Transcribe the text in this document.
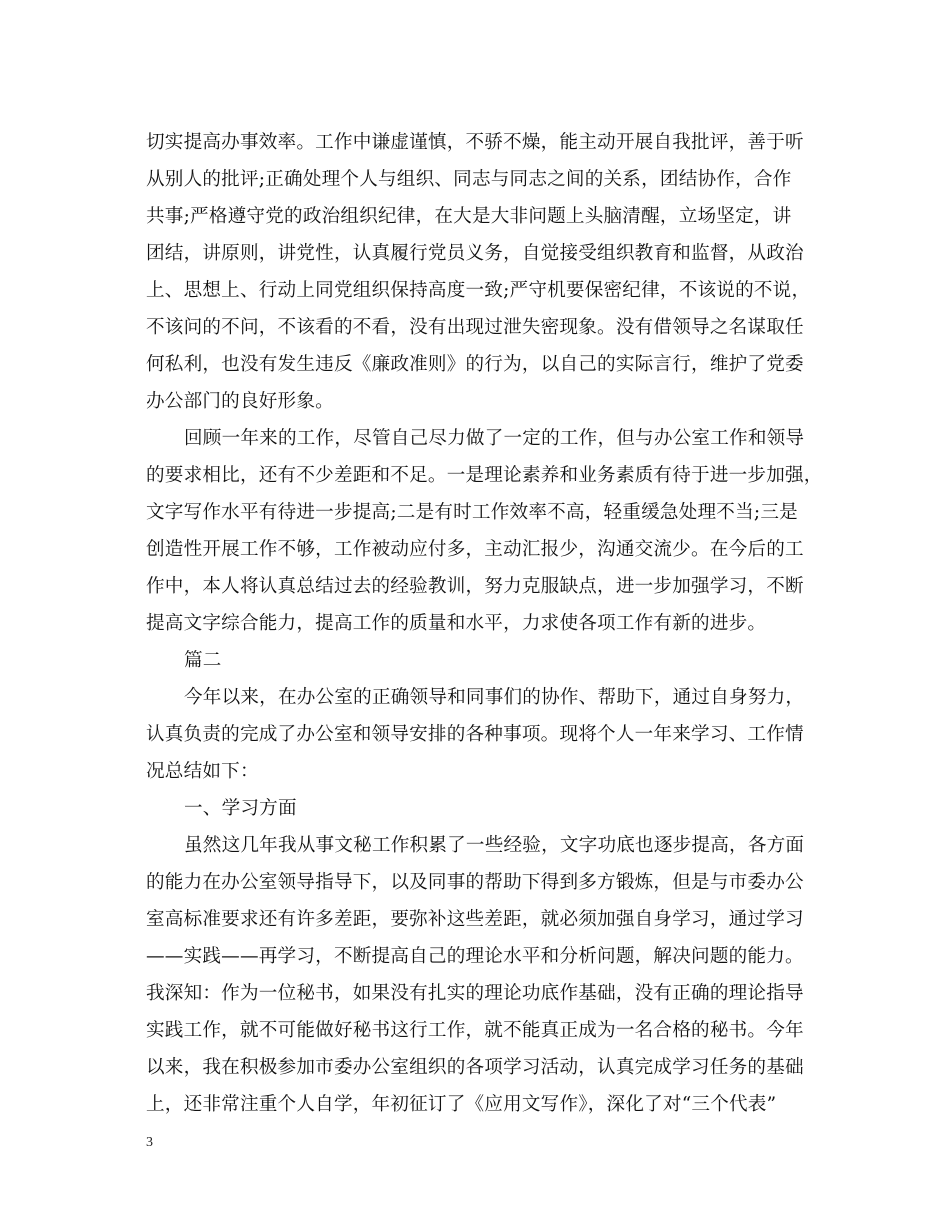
切实提高办事效率。工作中谦虚谨慎，不骄不燥，能主动开展自我批评，善于听
从别人的批评;正确处理个人与组织、同志与同志之间的关系，团结协作，合作
共事;严格遵守党的政治组织纪律，在大是大非问题上头脑清醒，立场坚定，讲
团结，讲原则，讲党性，认真履行党员义务，自觉接受组织教育和监督，从政治
上、思想上、行动上同党组织保持高度一致;严守机要保密纪律，不该说的不说，
不该问的不问，不该看的不看，没有出现过泄失密现象。没有借领导之名谋取任
何私利，也没有发生违反《廉政准则》的行为，以自己的实际言行，维护了党委
办公部门的良好形象。
回顾一年来的工作，尽管自己尽力做了一定的工作，但与办公室工作和领导
的要求相比，还有不少差距和不足。一是理论素养和业务素质有待于进一步加强，
文字写作水平有待进一步提高;二是有时工作效率不高，轻重缓急处理不当;三是
创造性开展工作不够，工作被动应付多，主动汇报少，沟通交流少。在今后的工
作中，本人将认真总结过去的经验教训，努力克服缺点，进一步加强学习，不断
提高文字综合能力，提高工作的质量和水平，力求使各项工作有新的进步。
篇二
今年以来，在办公室的正确领导和同事们的协作、帮助下，通过自身努力，
认真负责的完成了办公室和领导安排的各种事项。现将个人一年来学习、工作情
况总结如下：
一、学习方面
虽然这几年我从事文秘工作积累了一些经验，文字功底也逐步提高，各方面
的能力在办公室领导指导下，以及同事的帮助下得到多方锻炼，但是与市委办公
室高标准要求还有许多差距，要弥补这些差距，就必须加强自身学习，通过学习
——实践——再学习，不断提高自己的理论水平和分析问题，解决问题的能力。
我深知：作为一位秘书，如果没有扎实的理论功底作基础，没有正确的理论指导
实践工作，就不可能做好秘书这行工作，就不能真正成为一名合格的秘书。今年
以来，我在积极参加市委办公室组织的各项学习活动，认真完成学习任务的基础
上，还非常注重个人自学，年初征订了《应用文写作》，深化了对“三个代表”
3
